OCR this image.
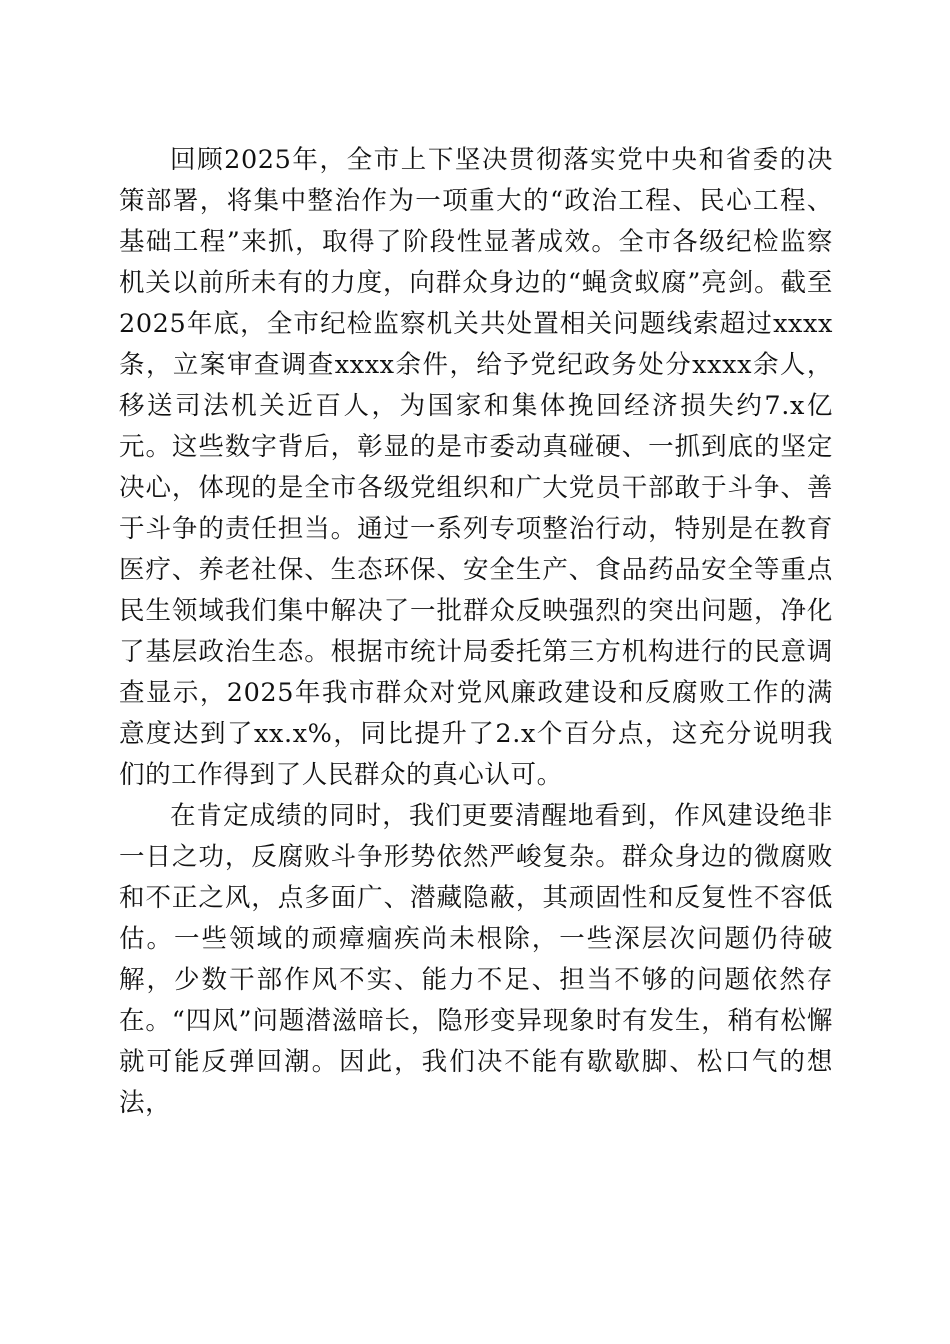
回顾2025年，全市上下坚决贯彻落实党中央和省委的决策部署，将集中整治作为一项重大的“政治工程、民心工程、基础工程”来抓，取得了阶段性显著成效。全市各级纪检监察机关以前所未有的力度，向群众身边的“蝇贪蚁腐”亮剑。截至2025年底，全市纪检监察机关共处置相关问题线索超过xxxx条，立案审查调查xxxx余件，给予党纪政务处分xxxx余人，移送司法机关近百人，为国家和集体挽回经济损失约7.x亿元。这些数字背后，彰显的是市委动真碰硬、一抓到底的坚定决心，体现的是全市各级党组织和广大党员干部敢于斗争、善于斗争的责任担当。通过一系列专项整治行动，特别是在教育医疗、养老社保、生态环保、安全生产、食品药品安全等重点民生领域我们集中解决了一批群众反映强烈的突出问题，净化了基层政治生态。根据市统计局委托第三方机构进行的民意调查显示，2025年我市群众对党风廉政建设和反腐败工作的满意度达到了xx.x%，同比提升了2.x个百分点，这充分说明我们的工作得到了人民群众的真心认可。

在肯定成绩的同时，我们更要清醒地看到，作风建设绝非一日之功，反腐败斗争形势依然严峻复杂。群众身边的微腐败和不正之风，点多面广、潜藏隐蔽，其顽固性和反复性不容低估。一些领域的顽瘴痼疾尚未根除，一些深层次问题仍待破解，少数干部作风不实、能力不足、担当不够的问题依然存在。“四风”问题潜滋暗长，隐形变异现象时有发生，稍有松懈就可能反弹回潮。因此，我们决不能有歇歇脚、松口气的想法，
